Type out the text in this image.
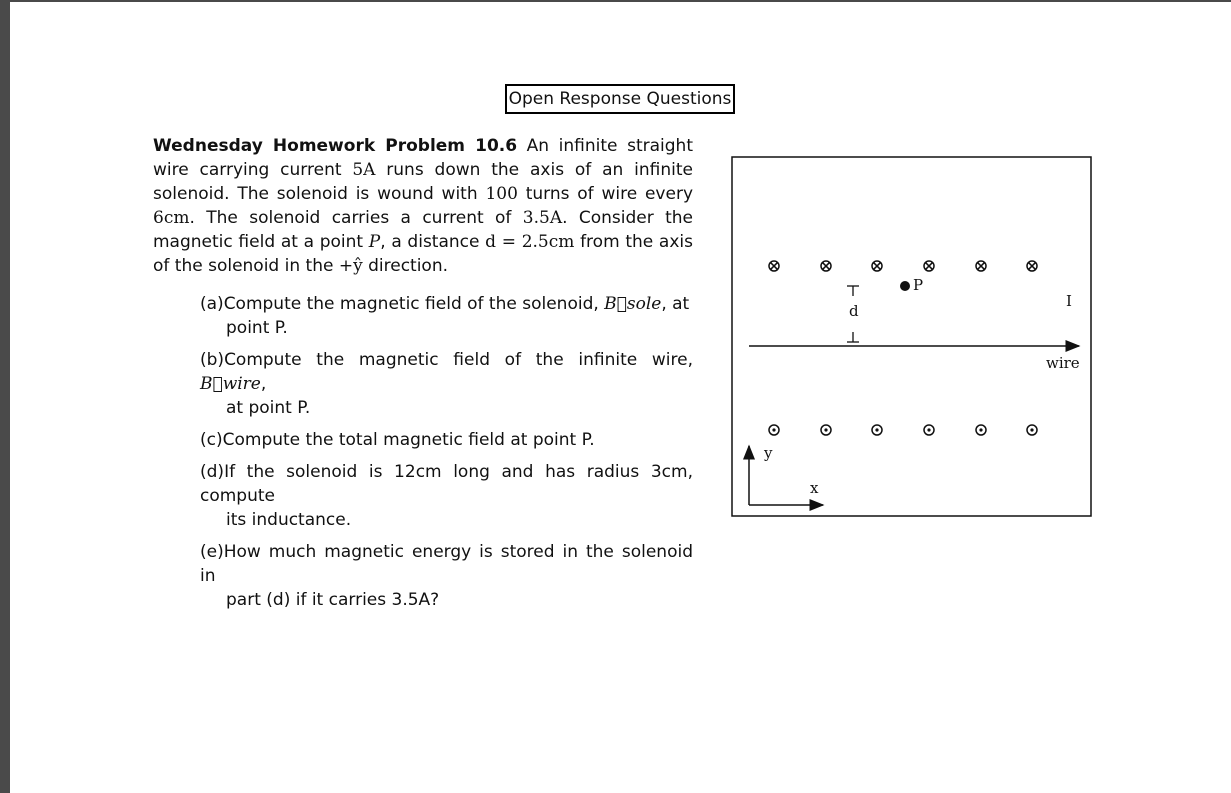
Open Response Questions
Wednesday Homework Problem 10.6 An infinite straight wire carrying current 5A runs down the axis of an infinite solenoid. The solenoid is wound with 100 turns of wire every 6cm. The solenoid carries a current of 3.5A. Consider the magnetic field at a point P, a distance d = 2.5cm from the axis of the solenoid in the +ŷ direction.
(a)Compute the magnetic field of the solenoid, B⃗sole, at
point P.
(b)Compute the magnetic field of the infinite wire, B⃗wire,
at point P.
(c)Compute the total magnetic field at point P.
(d)If the solenoid is 12cm long and has radius 3cm, compute
its inductance.
(e)How much magnetic energy is stored in the solenoid in
part (d) if it carries 3.5A?
P
d
I
wire
y
x
